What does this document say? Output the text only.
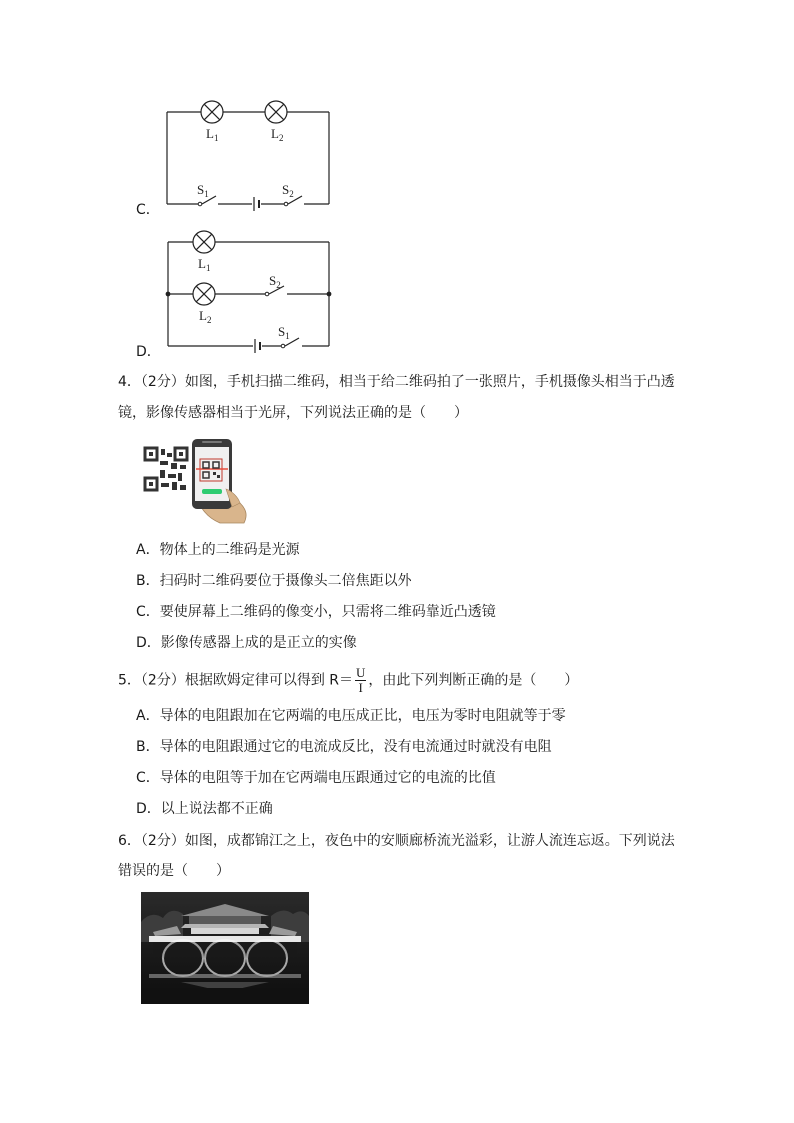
C．
$L_1$	$L_2$
$S_1$	$S_2$
D．
$L_1$
$L_2$
$S_2$
$S_1$
4．（2分）如图，手机扫描二维码，相当于给二维码拍了一张照片，手机摄像头相当于凸透
镜，影像传感器相当于光屏，下列说法正确的是（　　）
A．物体上的二维码是光源
B．扫码时二维码要位于摄像头二倍焦距以外
C．要使屏幕上二维码的像变小，只需将二维码靠近凸透镜
D．影像传感器上成的是正立的实像
5．（2分）根据欧姆定律可以得到 $R= \frac{U}{I}$ ，由此下列判断正确的是（　　）
A．导体的电阻跟加在它两端的电压成正比，电压为零时电阻就等于零
B．导体的电阻跟通过它的电流成反比，没有电流通过时就没有电阻
C．导体的电阻等于加在它两端电压跟通过它的电流的比值
D．以上说法都不正确
6．（2分）如图，成都锦江之上，夜色中的安顺廊桥流光溢彩，让游人流连忘返。下列说法
错误的是（　　）
